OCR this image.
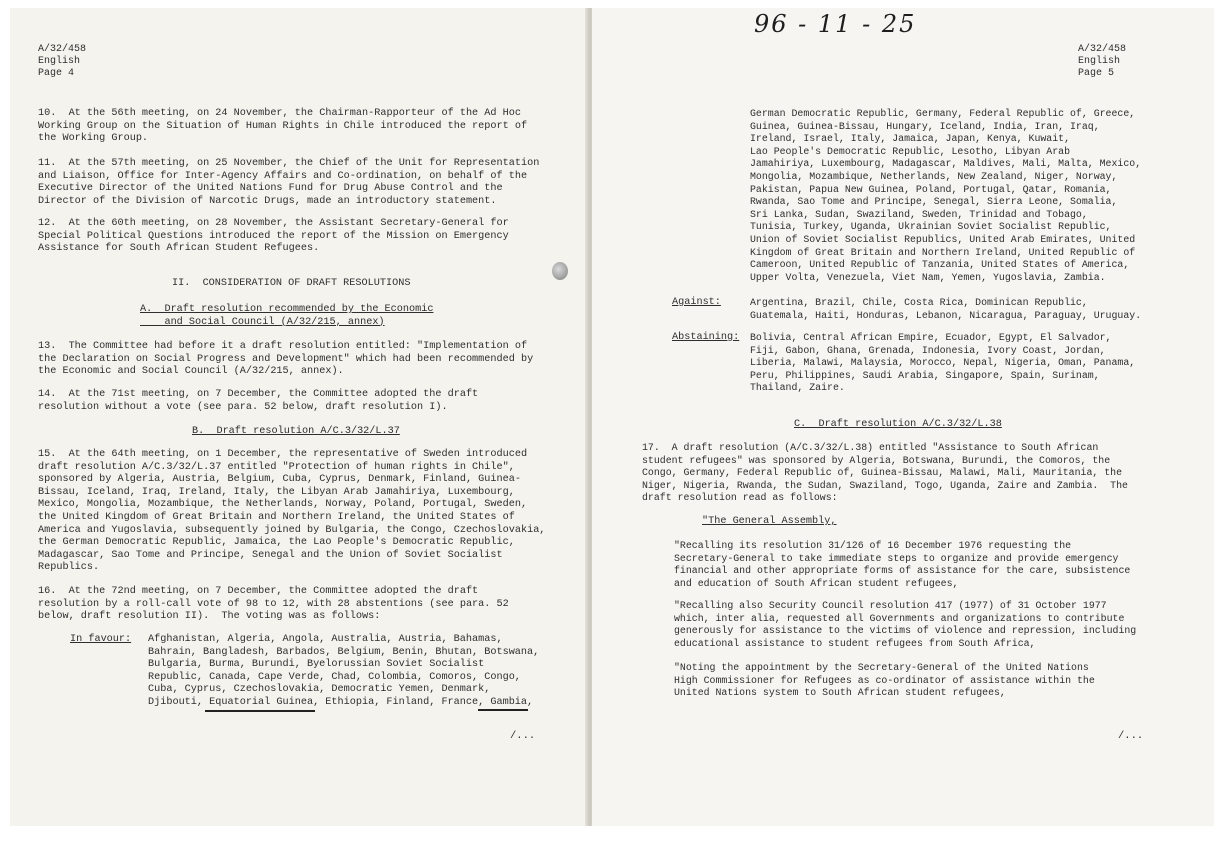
A/32/458
English
Page 4
10.  At the 56th meeting, on 24 November, the Chairman-Rapporteur of the Ad Hoc
Working Group on the Situation of Human Rights in Chile introduced the report of
the Working Group.
11.  At the 57th meeting, on 25 November, the Chief of the Unit for Representation
and Liaison, Office for Inter-Agency Affairs and Co-ordination, on behalf of the
Executive Director of the United Nations Fund for Drug Abuse Control and the
Director of the Division of Narcotic Drugs, made an introductory statement.
12.  At the 60th meeting, on 28 November, the Assistant Secretary-General for
Special Political Questions introduced the report of the Mission on Emergency
Assistance for South African Student Refugees.
II.  CONSIDERATION OF DRAFT RESOLUTIONS
A.  Draft resolution recommended by the Economic
and Social Council (A/32/215, annex)
13.  The Committee had before it a draft resolution entitled: "Implementation of
the Declaration on Social Progress and Development" which had been recommended by
the Economic and Social Council (A/32/215, annex).
14.  At the 71st meeting, on 7 December, the Committee adopted the draft
resolution without a vote (see para. 52 below, draft resolution I).
B.  Draft resolution A/C.3/32/L.37
15.  At the 64th meeting, on 1 December, the representative of Sweden introduced
draft resolution A/C.3/32/L.37 entitled "Protection of human rights in Chile",
sponsored by Algeria, Austria, Belgium, Cuba, Cyprus, Denmark, Finland, Guinea-
Bissau, Iceland, Iraq, Ireland, Italy, the Libyan Arab Jamahiriya, Luxembourg,
Mexico, Mongolia, Mozambique, the Netherlands, Norway, Poland, Portugal, Sweden,
the United Kingdom of Great Britain and Northern Ireland, the United States of
America and Yugoslavia, subsequently joined by Bulgaria, the Congo, Czechoslovakia,
the German Democratic Republic, Jamaica, the Lao People's Democratic Republic,
Madagascar, Sao Tome and Principe, Senegal and the Union of Soviet Socialist
Republics.
16.  At the 72nd meeting, on 7 December, the Committee adopted the draft
resolution by a roll-call vote of 98 to 12, with 28 abstentions (see para. 52
below, draft resolution II).  The voting was as follows:
In favour: Afghanistan, Algeria, Angola, Australia, Austria, Bahamas,
Bahrain, Bangladesh, Barbados, Belgium, Benin, Bhutan, Botswana,
Bulgaria, Burma, Burundi, Byelorussian Soviet Socialist
Republic, Canada, Cape Verde, Chad, Colombia, Comoros, Congo,
Cuba, Cyprus, Czechoslovakia, Democratic Yemen, Denmark,
Djibouti, Equatorial Guinea, Ethiopia, Finland, France, Gambia,
/...
A/32/458
English
Page 5
German Democratic Republic, Germany, Federal Republic of, Greece,
Guinea, Guinea-Bissau, Hungary, Iceland, India, Iran, Iraq,
Ireland, Israel, Italy, Jamaica, Japan, Kenya, Kuwait,
Lao People's Democratic Republic, Lesotho, Libyan Arab
Jamahiriya, Luxembourg, Madagascar, Maldives, Mali, Malta, Mexico,
Mongolia, Mozambique, Netherlands, New Zealand, Niger, Norway,
Pakistan, Papua New Guinea, Poland, Portugal, Qatar, Romania,
Rwanda, Sao Tome and Principe, Senegal, Sierra Leone, Somalia,
Sri Lanka, Sudan, Swaziland, Sweden, Trinidad and Tobago,
Tunisia, Turkey, Uganda, Ukrainian Soviet Socialist Republic,
Union of Soviet Socialist Republics, United Arab Emirates, United
Kingdom of Great Britain and Northern Ireland, United Republic of
Cameroon, United Republic of Tanzania, United States of America,
Upper Volta, Venezuela, Viet Nam, Yemen, Yugoslavia, Zambia.
Against:	Argentina, Brazil, Chile, Costa Rica, Dominican Republic,
Guatemala, Haiti, Honduras, Lebanon, Nicaragua, Paraguay, Uruguay.
Abstaining: Bolivia, Central African Empire, Ecuador, Egypt, El Salvador,
Fiji, Gabon, Ghana, Grenada, Indonesia, Ivory Coast, Jordan,
Liberia, Malawi, Malaysia, Morocco, Nepal, Nigeria, Oman, Panama,
Peru, Philippines, Saudi Arabia, Singapore, Spain, Surinam,
Thailand, Zaire.
C.  Draft resolution A/C.3/32/L.38
17.  A draft resolution (A/C.3/32/L.38) entitled "Assistance to South African
student refugees" was sponsored by Algeria, Botswana, Burundi, the Comoros, the
Congo, Germany, Federal Republic of, Guinea-Bissau, Malawi, Mali, Mauritania, the
Niger, Nigeria, Rwanda, the Sudan, Swaziland, Togo, Uganda, Zaire and Zambia.  The
draft resolution read as follows:
"The General Assembly,
"Recalling its resolution 31/126 of 16 December 1976 requesting the
Secretary-General to take immediate steps to organize and provide emergency
financial and other appropriate forms of assistance for the care, subsistence
and education of South African student refugees,
"Recalling also Security Council resolution 417 (1977) of 31 October 1977
which, inter alia, requested all Governments and organizations to contribute
generously for assistance to the victims of violence and repression, including
educational assistance to student refugees from South Africa,
"Noting the appointment by the Secretary-General of the United Nations
High Commissioner for Refugees as co-ordinator of assistance within the
United Nations system to South African student refugees,
/...
96 - 11 - 25
